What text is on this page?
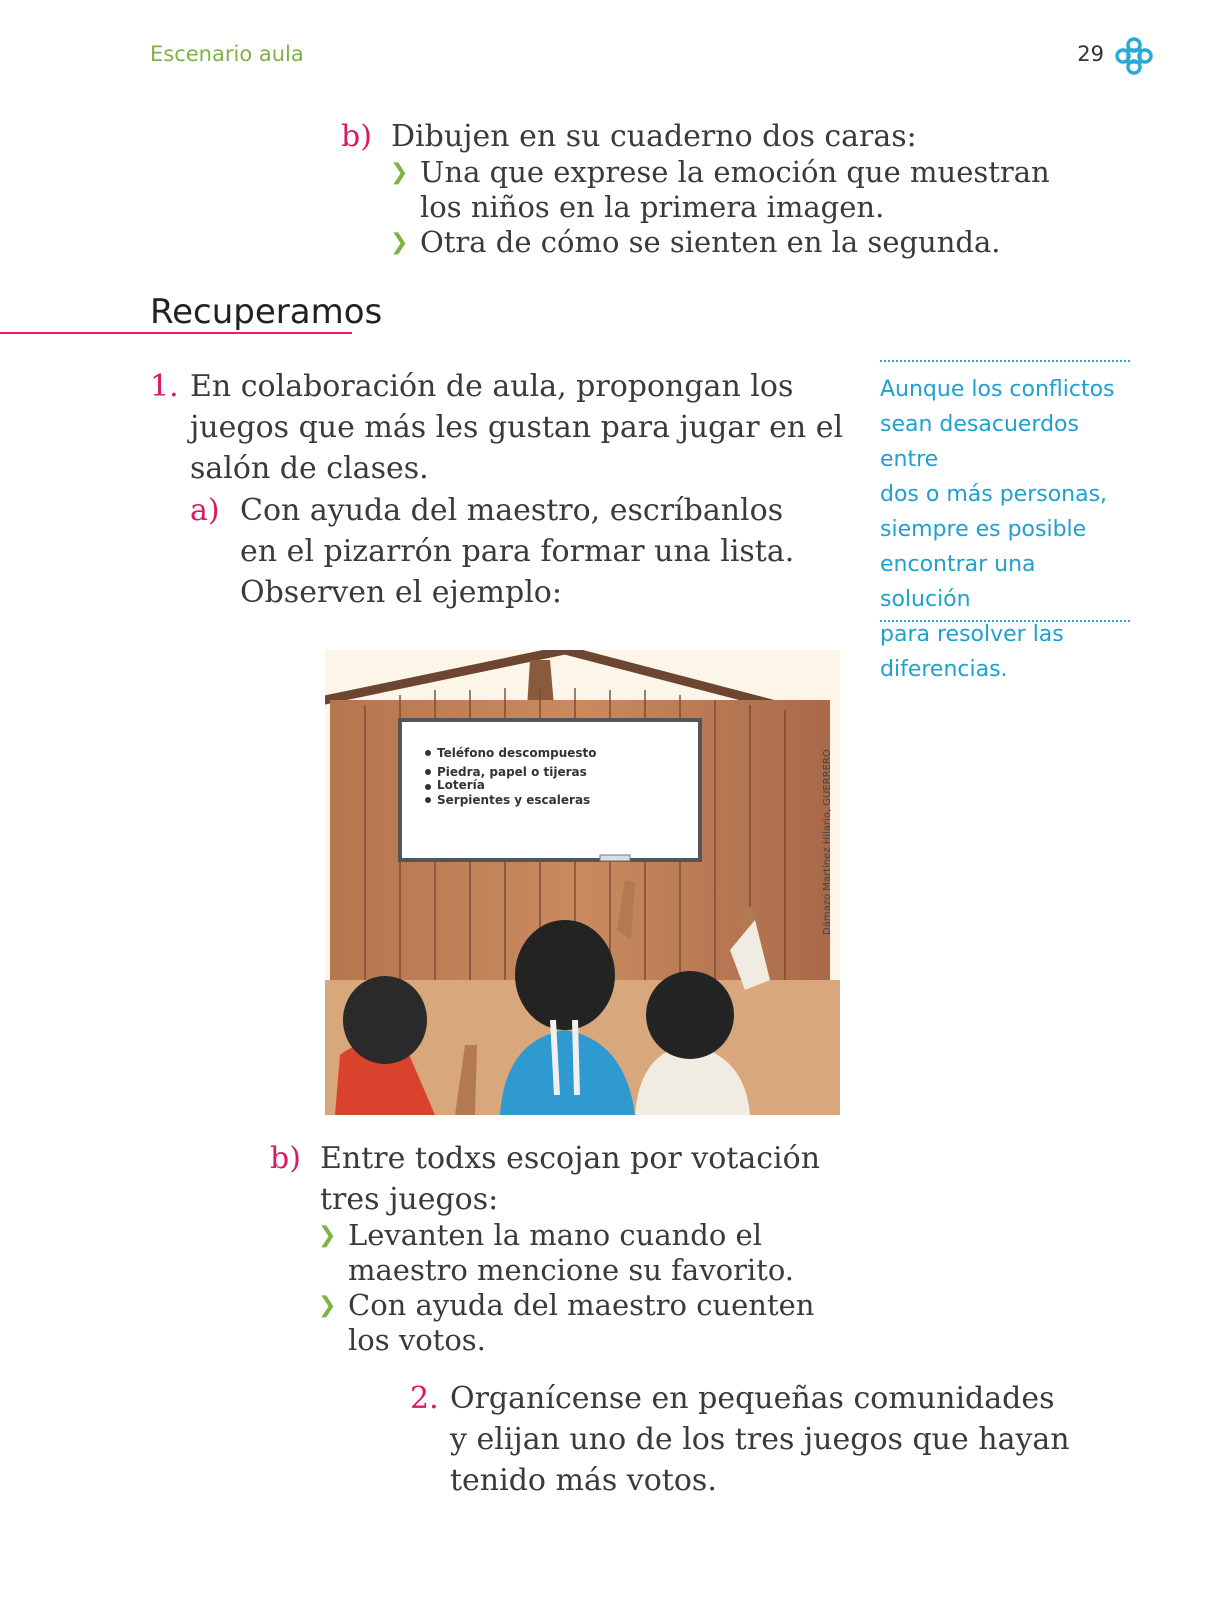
Escenario aula	29
b) Dibujen en su cuaderno dos caras:
❯ Una que exprese la emoción que muestran
los niños en la primera imagen.
❯ Otra de cómo se sienten en la segunda.
Recuperamos
1. En colaboración de aula, propongan los
juegos que más les gustan para jugar en el
salón de clases.
a) Con ayuda del maestro, escríbanlos
en el pizarrón para formar una lista.
Observen el ejemplo:
Aunque los conflictos
sean desacuerdos entre
dos o más personas,
siempre es posible
encontrar una solución
para resolver las
diferencias.
Teléfono descompuesto
Piedra, papel o tijeras
Lotería
Serpientes y escaleras	Dámazo Martínez Hilario, GUERRERO
b) Entre todxs escojan por votación
tres juegos:
❯ Levanten la mano cuando el
maestro mencione su favorito.
❯ Con ayuda del maestro cuenten
los votos.
2. Organícense en pequeñas comunidades
y elijan uno de los tres juegos que hayan
tenido más votos.
